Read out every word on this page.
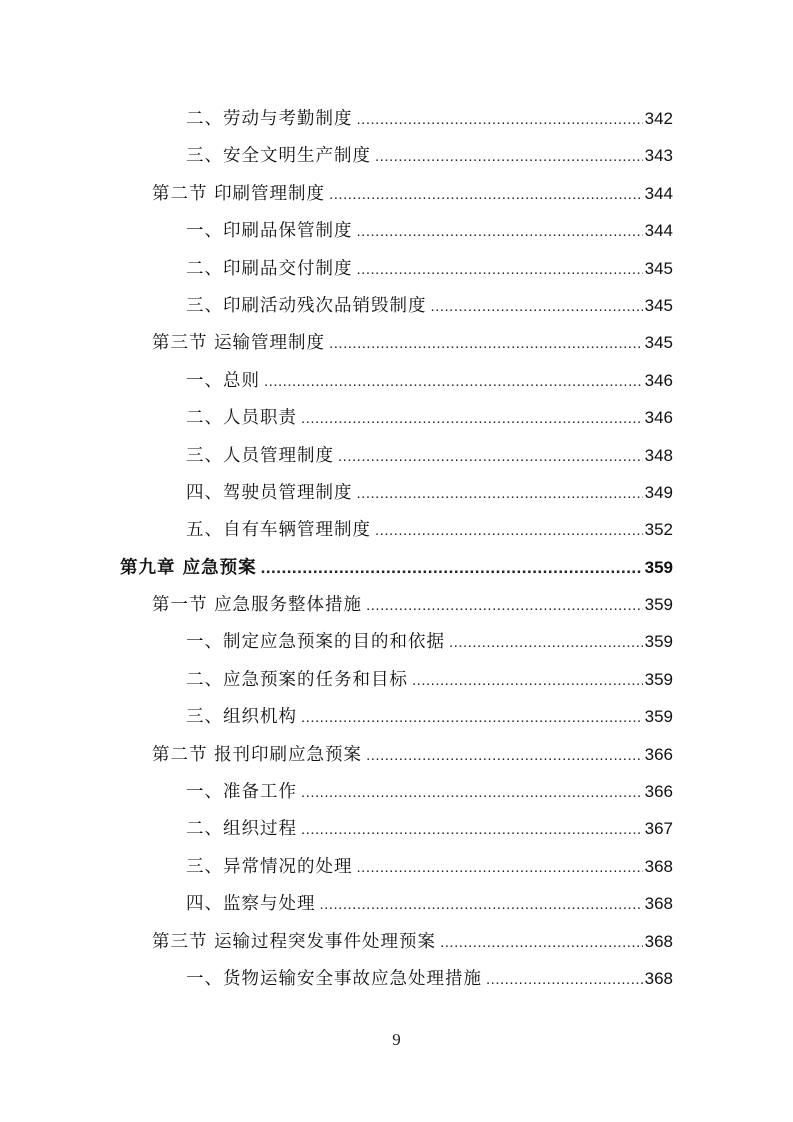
二、劳动与考勤制度 .....	342
三、安全文明生产制度 .....	343
第二节 印刷管理制度 .....	344
一、印刷品保管制度 .....	344
二、印刷品交付制度 .....	345
三、印刷活动残次品销毁制度 .....	345
第三节 运输管理制度 .....	345
一、总则 .....	346
二、人员职责 .....	346
三、人员管理制度 .....	348
四、驾驶员管理制度 .....	349
五、自有车辆管理制度 .....	352
第九章 应急预案 .....	359
第一节 应急服务整体措施 .....	359
一、制定应急预案的目的和依据 .....	359
二、应急预案的任务和目标 .....	359
三、组织机构 .....	359
第二节 报刊印刷应急预案 .....	366
一、准备工作 .....	366
二、组织过程 .....	367
三、异常情况的处理 .....	368
四、监察与处理 .....	368
第三节 运输过程突发事件处理预案 .....	368
一、货物运输安全事故应急处理措施 .....	368
9
